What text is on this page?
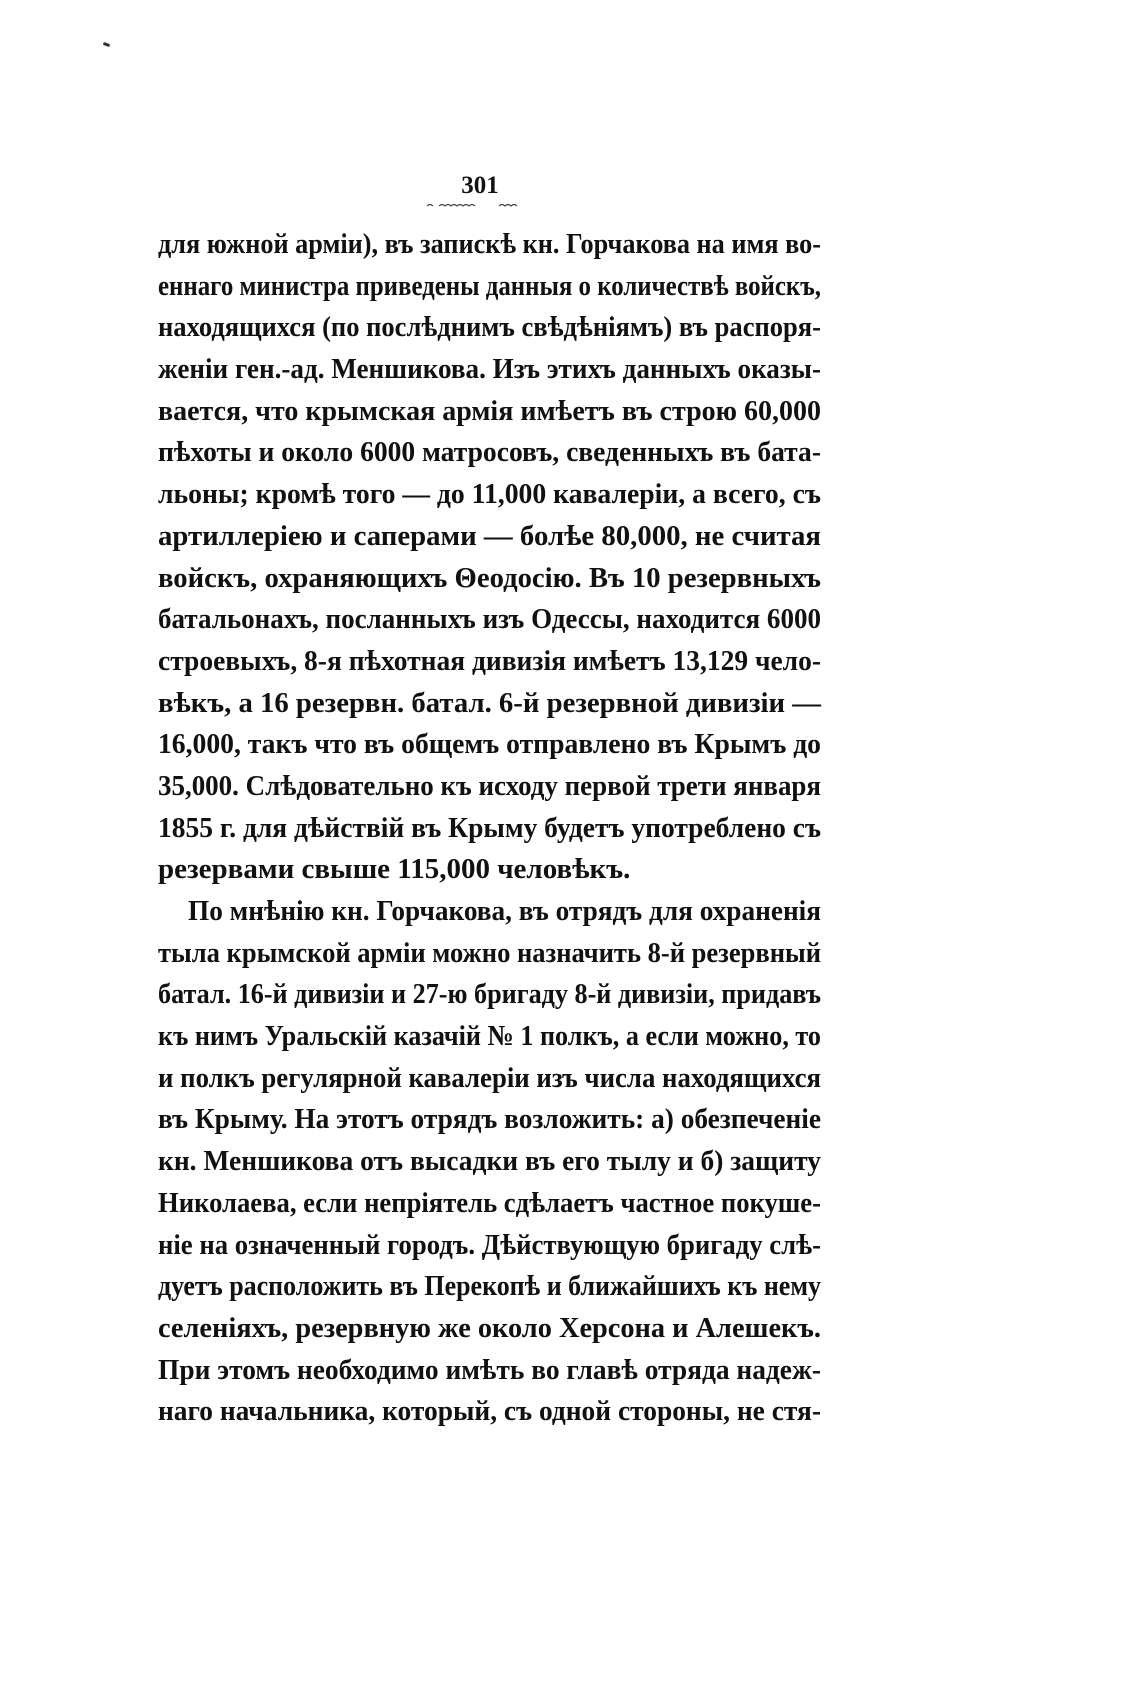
301
для южной арміи), въ запискѣ кн. Горчакова на имя во-
еннаго министра приведены данныя о количествѣ войскъ,
находящихся (по послѣднимъ свѣдѣніямъ) въ распоря-
женіи ген.-ад. Меншикова. Изъ этихъ данныхъ оказы-
вается, что крымская армія имѣетъ въ строю 60,000
пѣхоты и около 6000 матросовъ, сведенныхъ въ бата-
льоны; кромѣ того — до 11,000 кавалеріи, а всего, съ
артиллеріею и саперами — болѣе 80,000, не считая
войскъ, охраняющихъ Θеодосію. Въ 10 резервныхъ
батальонахъ, посланныхъ изъ Одессы, находится 6000
строевыхъ, 8-я пѣхотная дивизія имѣетъ 13,129 чело-
вѣкъ, а 16 резервн. батал. 6-й резервной дивизіи —
16,000, такъ что въ общемъ отправлено въ Крымъ до
35,000. Слѣдовательно къ исходу первой трети января
1855 г. для дѣйствій въ Крыму будетъ употреблено съ
резервами свыше 115,000 человѣкъ.
По мнѣнію кн. Горчакова, въ отрядъ для охраненія
тыла крымской арміи можно назначить 8-й резервный
батал. 16-й дивизіи и 27-ю бригаду 8-й дивизіи, придавъ
къ нимъ Уральскій казачій № 1 полкъ, а если можно, то
и полкъ регулярной кавалеріи изъ числа находящихся
въ Крыму. На этотъ отрядъ возложить: а) обезпеченіе
кн. Меншикова отъ высадки въ его тылу и б) защиту
Николаева, если непріятель сдѣлаетъ частное покуше-
ніе на означенный городъ. Дѣйствующую бригаду слѣ-
дуетъ расположить въ Перекопѣ и ближайшихъ къ нему
селеніяхъ, резервную же около Херсона и Алешекъ.
При этомъ необходимо имѣть во главѣ отряда надеж-
наго начальника, который, съ одной стороны, не стя-
